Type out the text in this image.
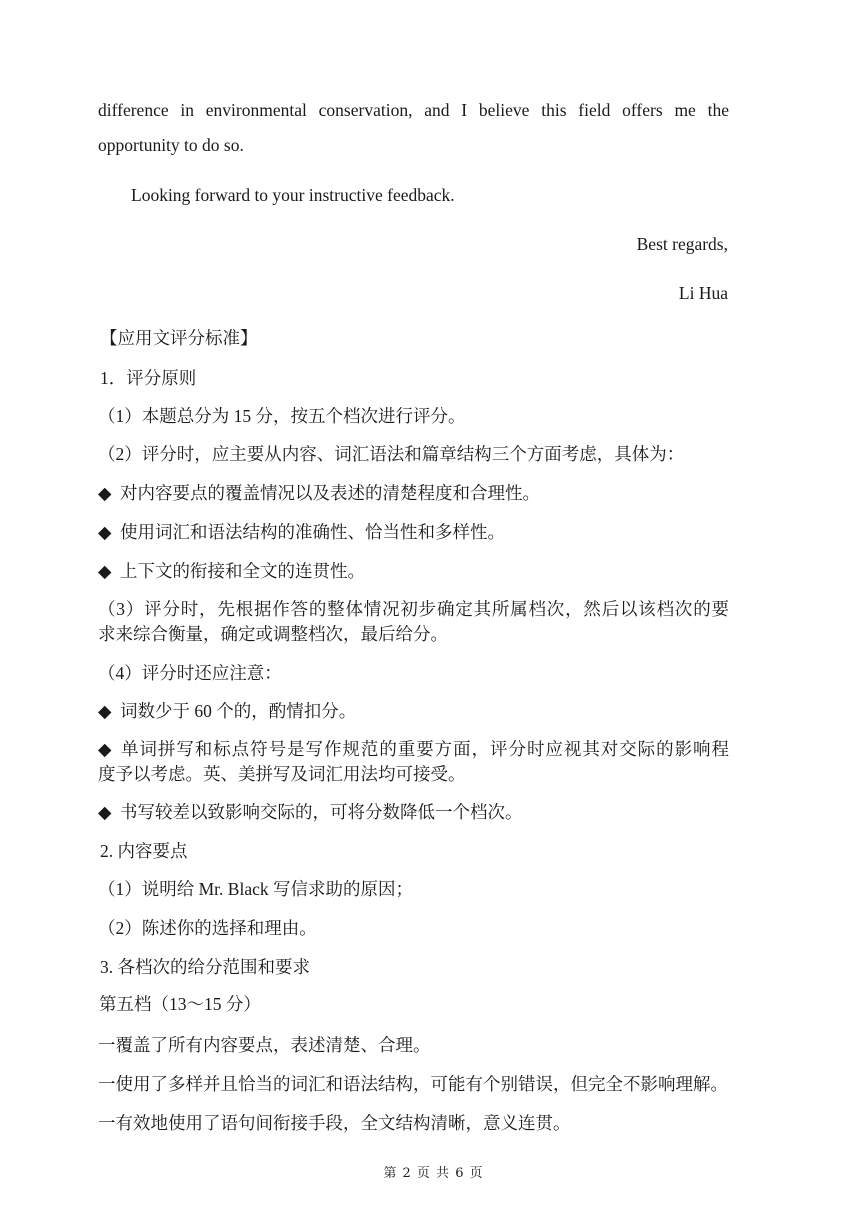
difference in environmental conservation, and I believe this field offers me the
opportunity to do so.
Looking forward to your instructive feedback.
Best regards,
Li Hua
【应用文评分标准】
1．评分原则
（1）本题总分为 15 分，按五个档次进行评分。
（2）评分时，应主要从内容、词汇语法和篇章结构三个方面考虑，具体为：
◆ 对内容要点的覆盖情况以及表述的清楚程度和合理性。
◆ 使用词汇和语法结构的准确性、恰当性和多样性。
◆ 上下文的衔接和全文的连贯性。
（3）评分时，先根据作答的整体情况初步确定其所属档次，然后以该档次的要
求来综合衡量，确定或调整档次，最后给分。
（4）评分时还应注意：
◆ 词数少于 60 个的，酌情扣分。
◆ 单词拼写和标点符号是写作规范的重要方面，评分时应视其对交际的影响程
度予以考虑。英、美拼写及词汇用法均可接受。
◆ 书写较差以致影响交际的，可将分数降低一个档次。
2. 内容要点
（1）说明给 Mr. Black 写信求助的原因；
（2）陈述你的选择和理由。
3. 各档次的给分范围和要求
第五档（13～15 分）
一覆盖了所有内容要点，表述清楚、合理。
一使用了多样并且恰当的词汇和语法结构，可能有个别错误，但完全不影响理解。
一有效地使用了语句间衔接手段，全文结构清晰，意义连贯。
第 2 页 共 6 页
